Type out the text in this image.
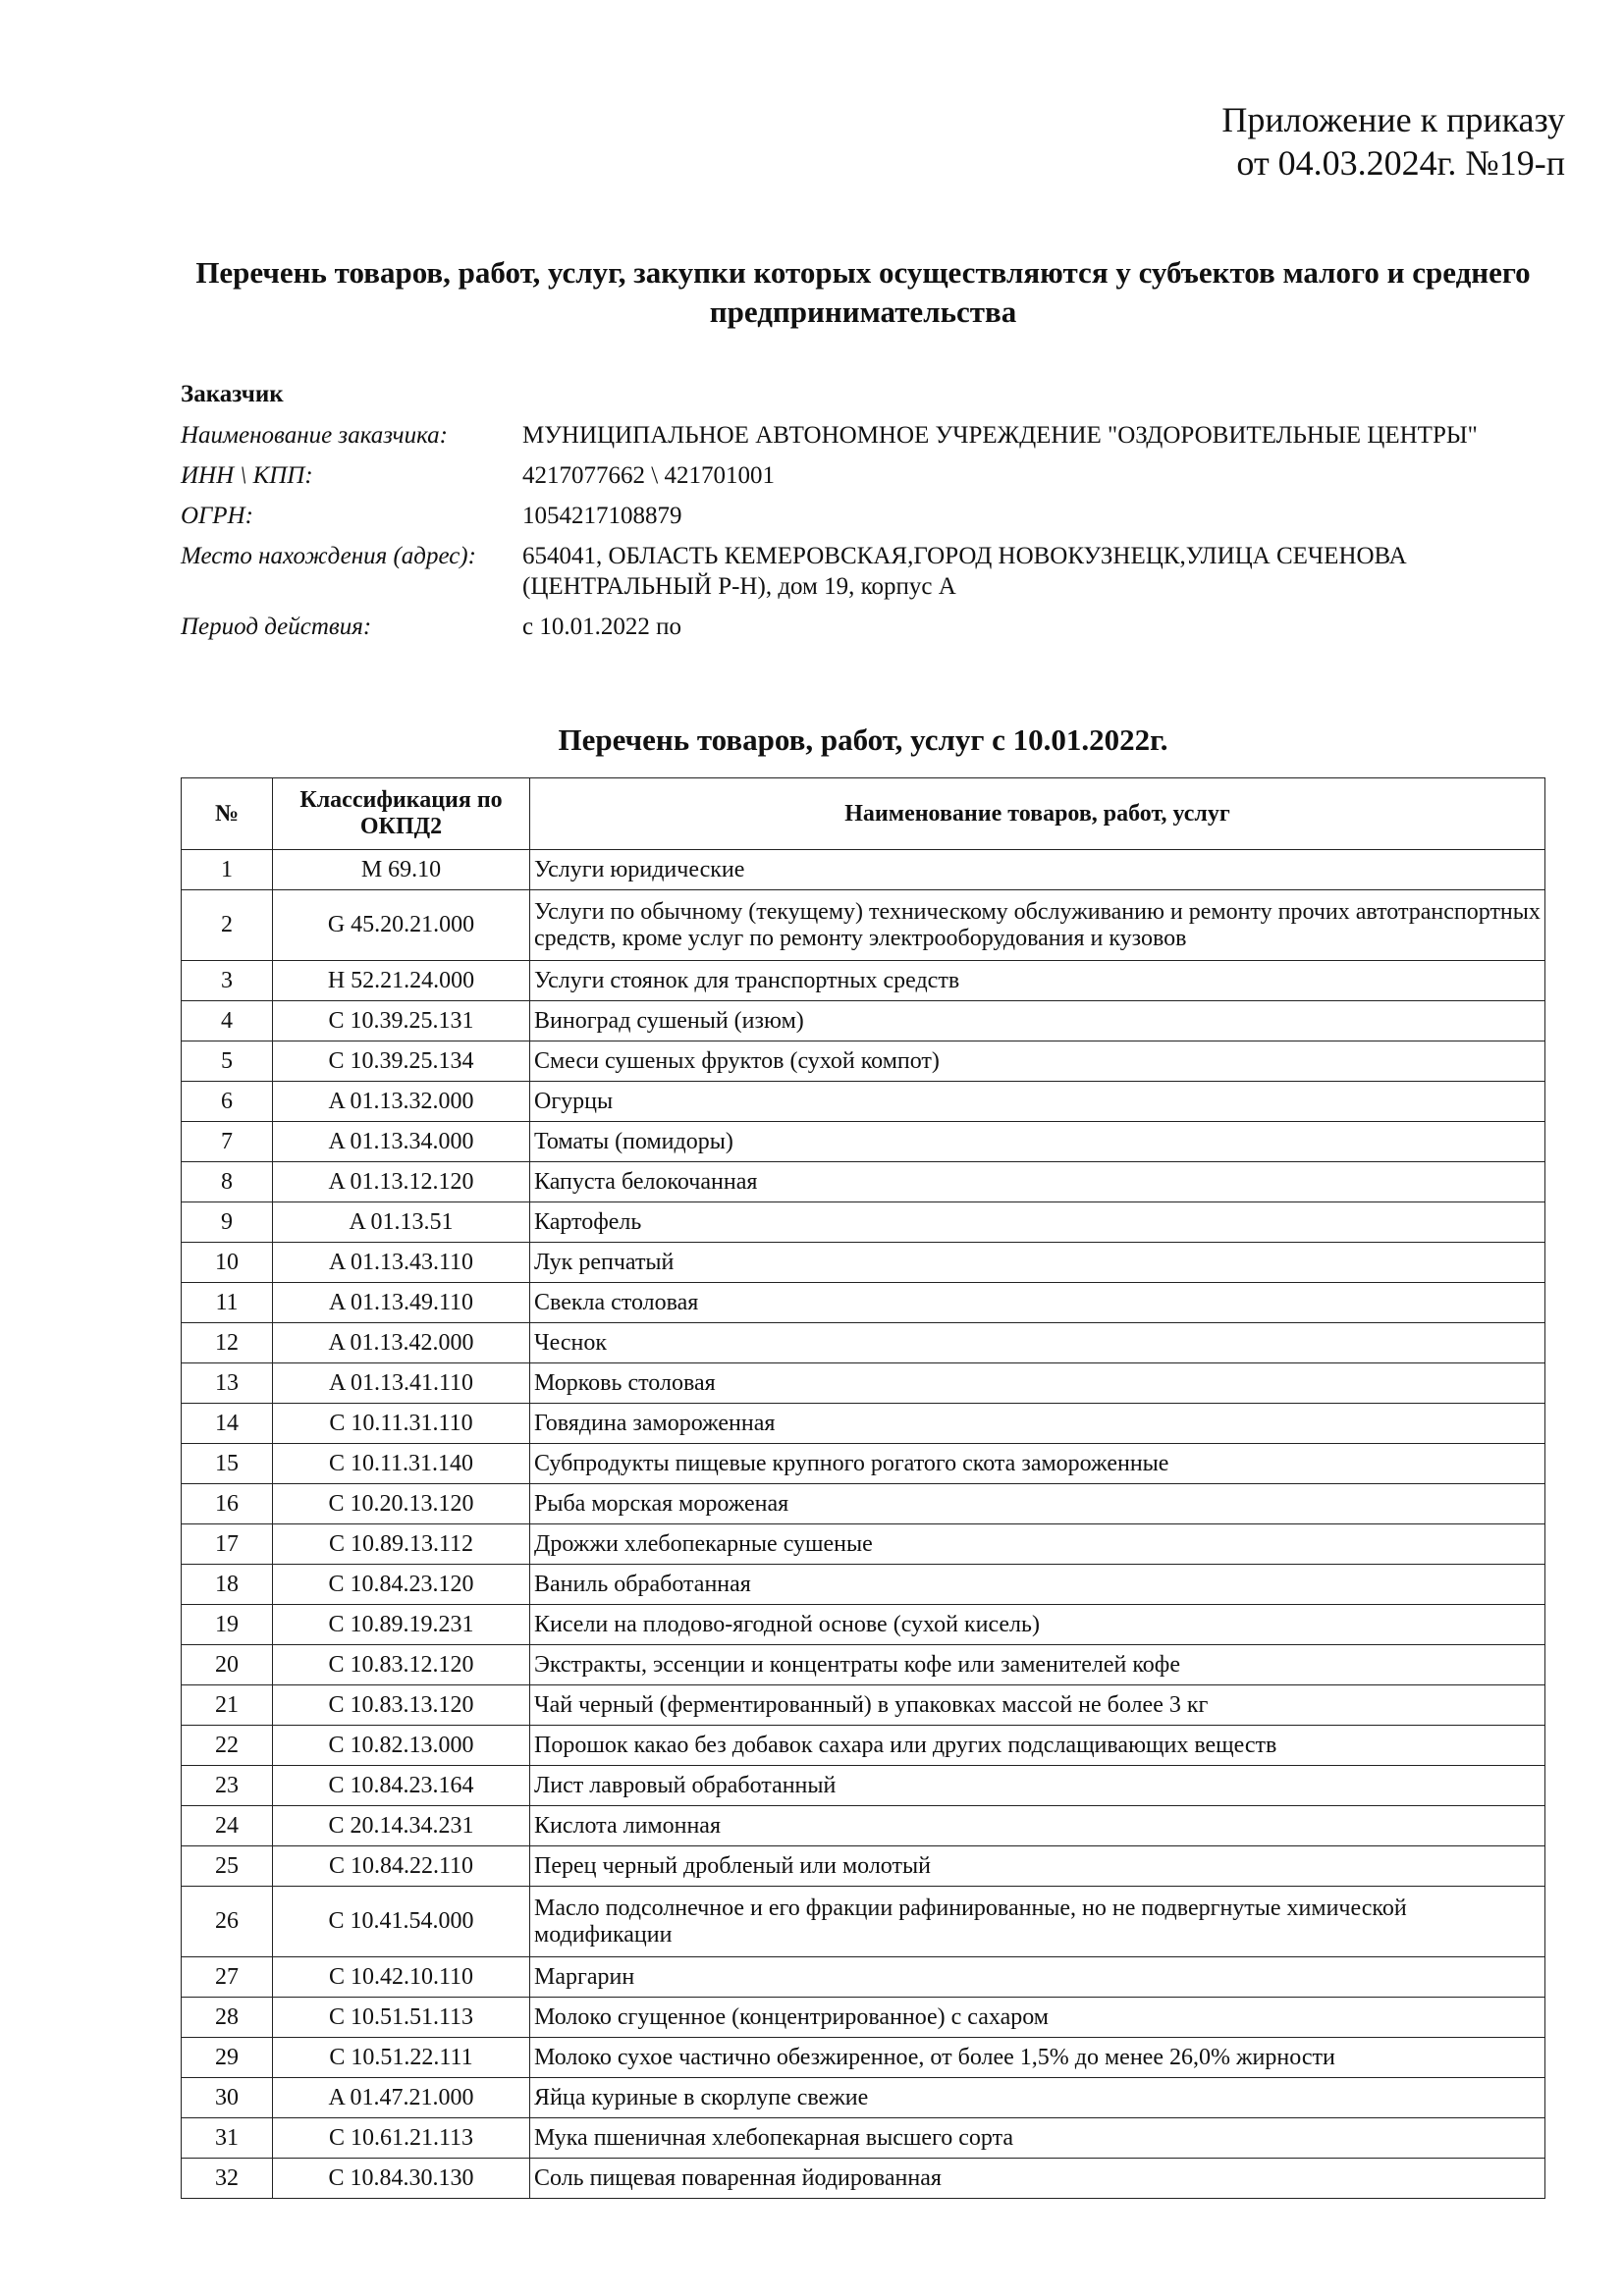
Приложение к приказу
от 04.03.2024г. №19-п
Перечень товаров, работ, услуг, закупки которых осуществляются у субъектов малого и среднего предпринимательства
Заказчик
Наименование заказчика:	МУНИЦИПАЛЬНОЕ АВТОНОМНОЕ УЧРЕЖДЕНИЕ "ОЗДОРОВИТЕЛЬНЫЕ ЦЕНТРЫ"
ИНН \ КПП:	4217077662 \ 421701001
ОГРН:	1054217108879
Место нахождения (адрес):	654041, ОБЛАСТЬ КЕМЕРОВСКАЯ,ГОРОД НОВОКУЗНЕЦК,УЛИЦА СЕЧЕНОВА (ЦЕНТРАЛЬНЫЙ Р-Н), дом 19, корпус А
Период действия:	с 10.01.2022 по
Перечень товаров, работ, услуг с 10.01.2022г.
№	Классификация по ОКПД2	Наименование товаров, работ, услуг
1	M 69.10	Услуги юридические
2	G 45.20.21.000	Услуги по обычному (текущему) техническому обслуживанию и ремонту прочих автотранспортных средств, кроме услуг по ремонту электрооборудования и кузовов
3	H 52.21.24.000	Услуги стоянок для транспортных средств
4	C 10.39.25.131	Виноград сушеный (изюм)
5	C 10.39.25.134	Смеси сушеных фруктов (сухой компот)
6	A 01.13.32.000	Огурцы
7	A 01.13.34.000	Томаты (помидоры)
8	A 01.13.12.120	Капуста белокочанная
9	A 01.13.51	Картофель
10	A 01.13.43.110	Лук репчатый
11	A 01.13.49.110	Свекла столовая
12	A 01.13.42.000	Чеснок
13	A 01.13.41.110	Морковь столовая
14	C 10.11.31.110	Говядина замороженная
15	C 10.11.31.140	Субпродукты пищевые крупного рогатого скота замороженные
16	C 10.20.13.120	Рыба морская мороженая
17	C 10.89.13.112	Дрожжи хлебопекарные сушеные
18	C 10.84.23.120	Ваниль обработанная
19	C 10.89.19.231	Кисели на плодово-ягодной основе (сухой кисель)
20	C 10.83.12.120	Экстракты, эссенции и концентраты кофе или заменителей кофе
21	C 10.83.13.120	Чай черный (ферментированный) в упаковках массой не более 3 кг
22	C 10.82.13.000	Порошок какао без добавок сахара или других подслащивающих веществ
23	C 10.84.23.164	Лист лавровый обработанный
24	C 20.14.34.231	Кислота лимонная
25	C 10.84.22.110	Перец черный дробленый или молотый
26	C 10.41.54.000	Масло подсолнечное и его фракции рафинированные, но не подвергнутые химической модификации
27	C 10.42.10.110	Маргарин
28	C 10.51.51.113	Молоко сгущенное (концентрированное) с сахаром
29	C 10.51.22.111	Молоко сухое частично обезжиренное, от более 1,5% до менее 26,0% жирности
30	A 01.47.21.000	Яйца куриные в скорлупе свежие
31	C 10.61.21.113	Мука пшеничная хлебопекарная высшего сорта
32	C 10.84.30.130	Соль пищевая поваренная йодированная
